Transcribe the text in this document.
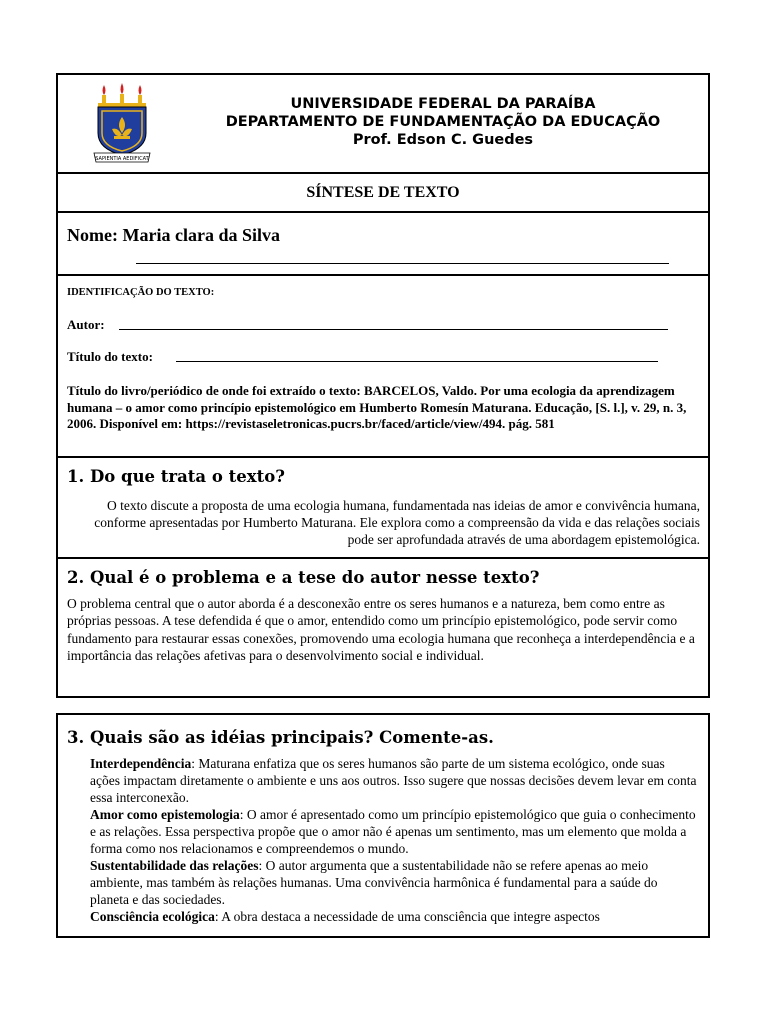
SAPIENTIA AEDIFICAT
UNIVERSIDADE FEDERAL DA PARAÍBA
DEPARTAMENTO DE FUNDAMENTAÇÃO DA EDUCAÇÃO
Prof. Edson C. Guedes
SÍNTESE DE TEXTO
Nome: Maria clara da Silva
IDENTIFICAÇÃO DO TEXTO:
Autor:
Título do texto:
Título do livro/periódico de onde foi extraído o texto: BARCELOS, Valdo. Por uma ecologia da aprendizagem humana – o amor como princípio epistemológico em Humberto Romesín Maturana. Educação, [S. l.], v. 29, n. 3, 2006. Disponível em: https://revistaseletronicas.pucrs.br/faced/article/view/494. pág. 581
1. Do que trata o texto?

O texto discute a proposta de uma ecologia humana, fundamentada nas ideias de amor e convivência humana, conforme apresentadas por Humberto Maturana. Ele explora como a compreensão da vida e das relações sociais pode ser aprofundada através de uma abordagem epistemológica.

2. Qual é o problema e a tese do autor nesse texto?

O problema central que o autor aborda é a desconexão entre os seres humanos e a natureza, bem como entre as próprias pessoas. A tese defendida é que o amor, entendido como um princípio epistemológico, pode servir como fundamento para restaurar essas conexões, promovendo uma ecologia humana que reconheça a interdependência e a importância das relações afetivas para o desenvolvimento social e individual.

3. Quais são as idéias principais? Comente-as.

Interdependência: Maturana enfatiza que os seres humanos são parte de um sistema ecológico, onde suas ações impactam diretamente o ambiente e uns aos outros. Isso sugere que nossas decisões devem levar em conta essa interconexão.

Amor como epistemologia: O amor é apresentado como um princípio epistemológico que guia o conhecimento e as relações. Essa perspectiva propõe que o amor não é apenas um sentimento, mas um elemento que molda a forma como nos relacionamos e compreendemos o mundo.

Sustentabilidade das relações: O autor argumenta que a sustentabilidade não se refere apenas ao meio ambiente, mas também às relações humanas. Uma convivência harmônica é fundamental para a saúde do planeta e das sociedades.

Consciência ecológica: A obra destaca a necessidade de uma consciência que integre aspectos
